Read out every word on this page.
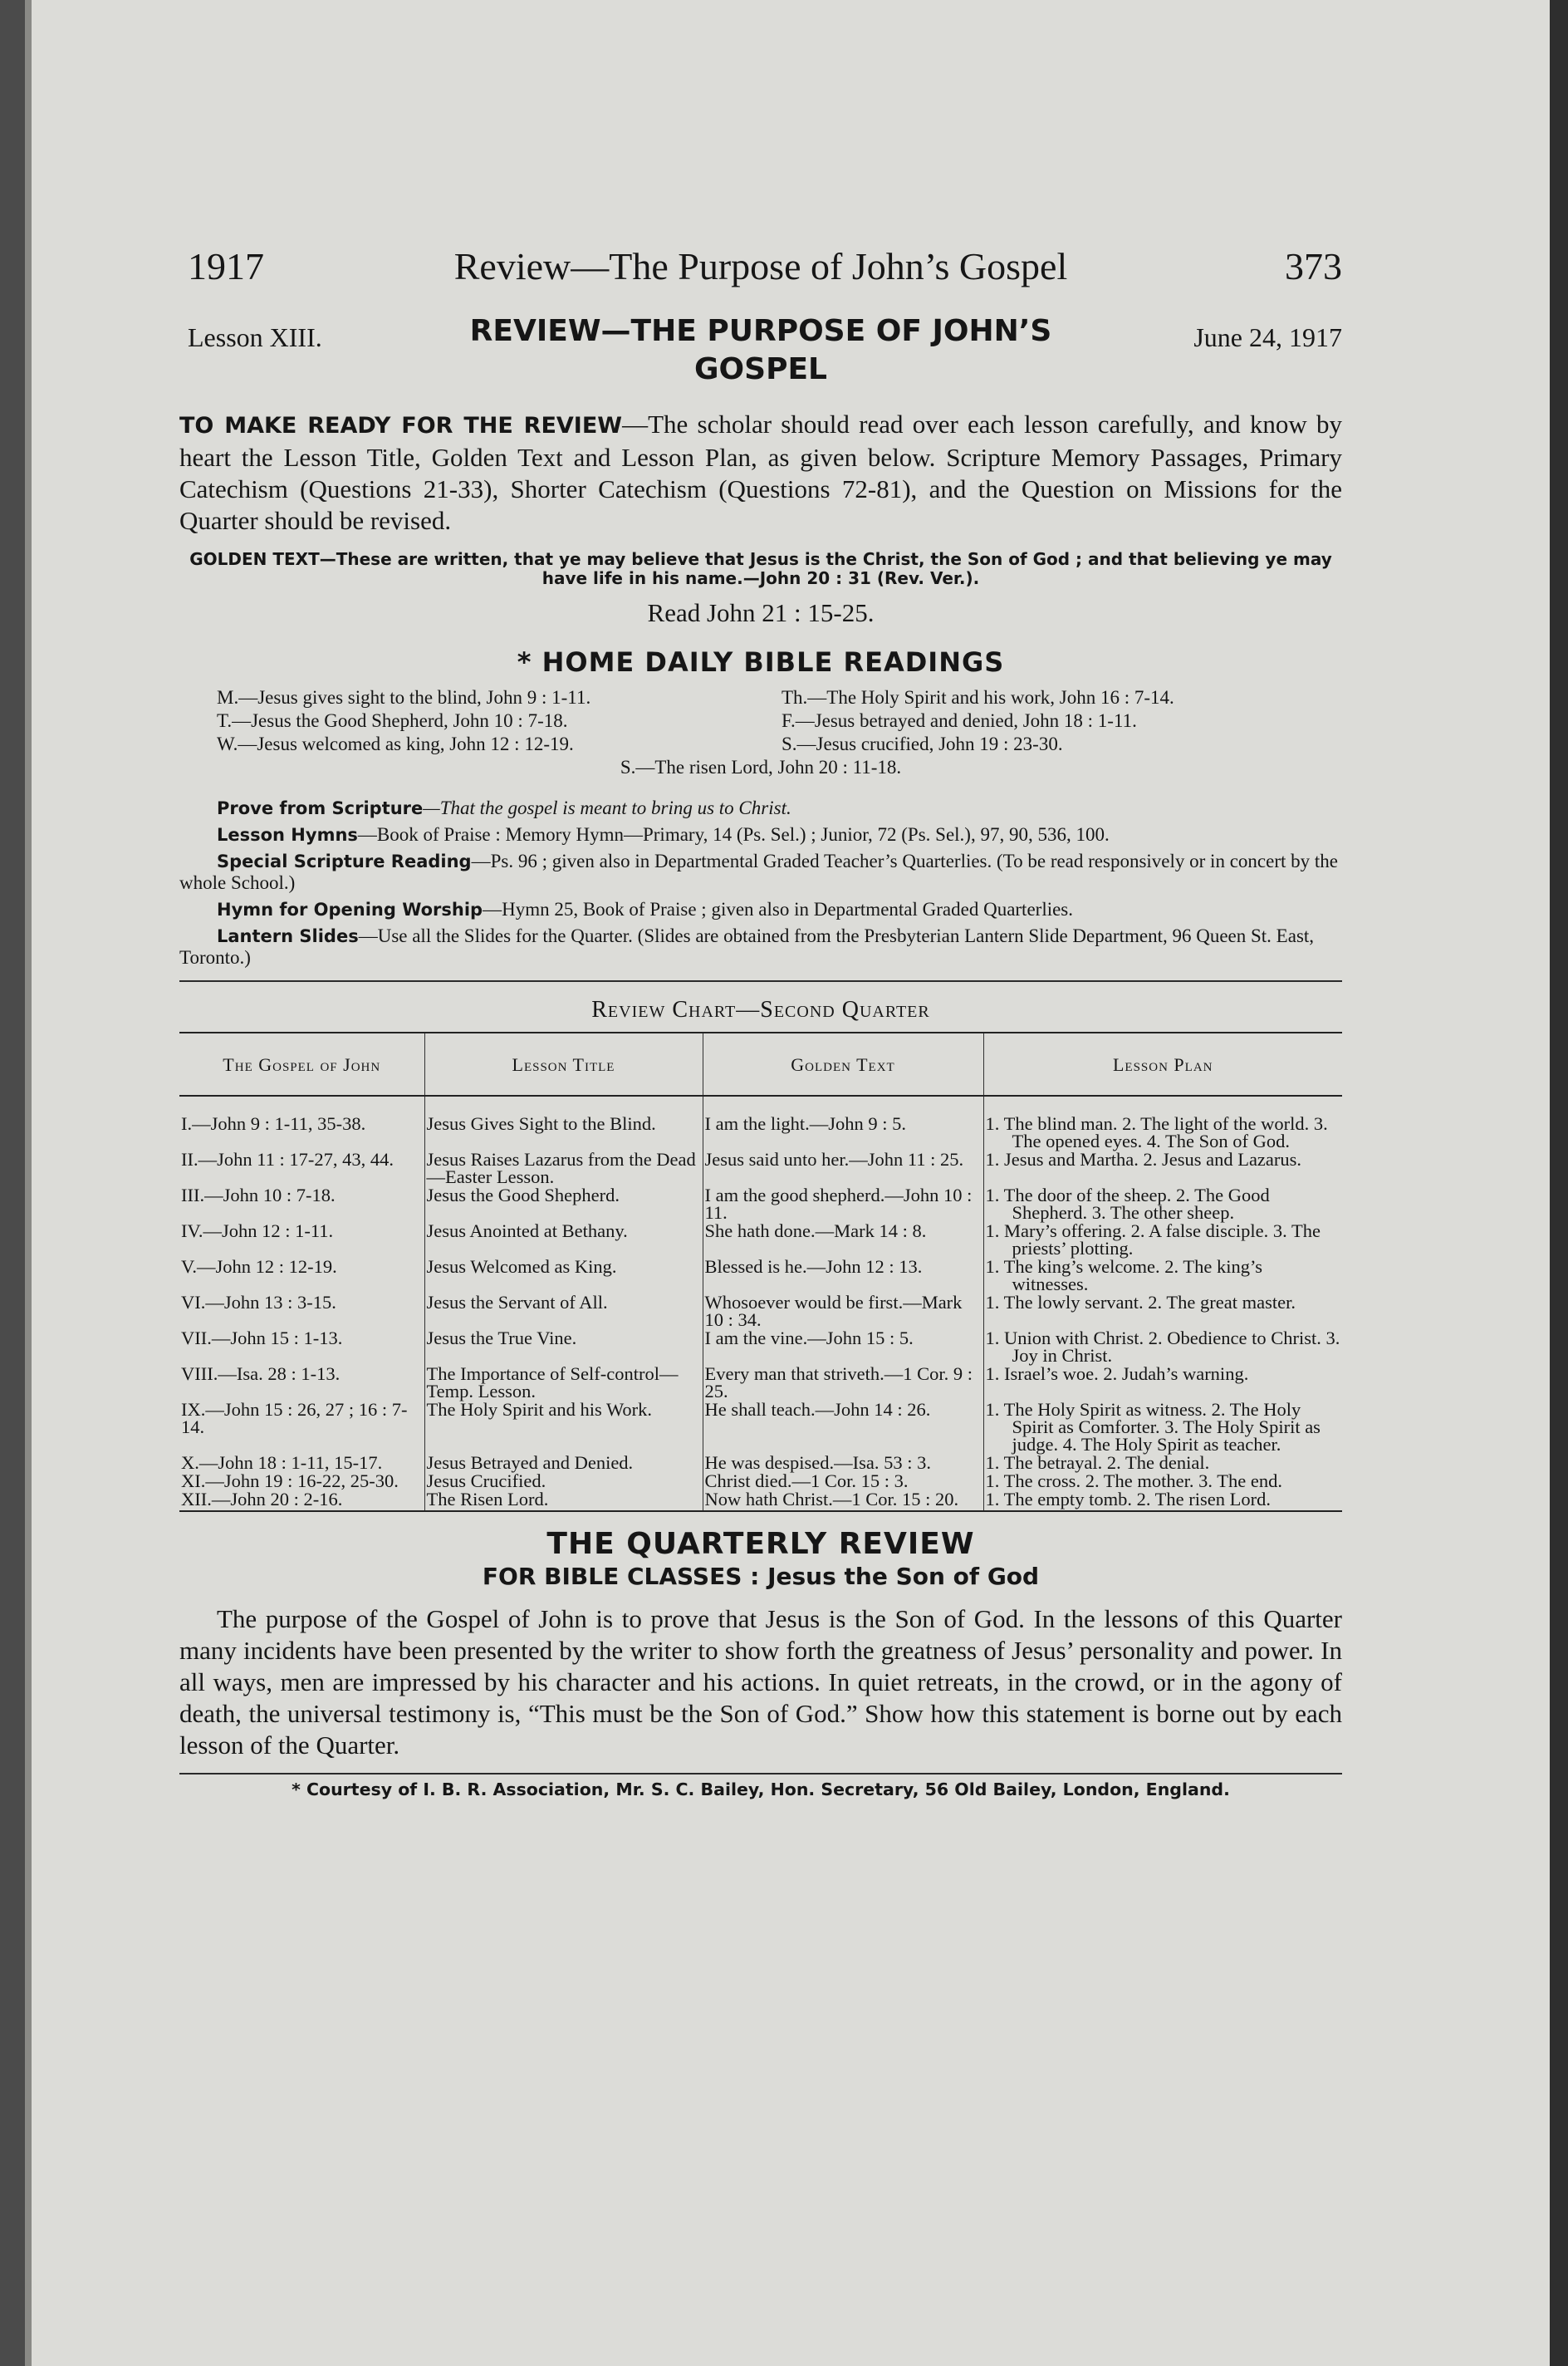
1917	Review—The Purpose of John’s Gospel	373
Lesson XIII.	REVIEW—THE PURPOSE OF JOHN’S
GOSPEL
June 24, 1917
TO MAKE READY FOR THE REVIEW—The scholar should read over each lesson carefully, and know by heart the Lesson Title, Golden Text and Lesson Plan, as given below. Scripture Memory Passages, Primary Catechism (Questions 21-33), Shorter Catechism (Questions 72-81), and the Question on Missions for the Quarter should be revised.
GOLDEN TEXT—These are written, that ye may believe that Jesus is the Christ, the Son of God ; and that believing ye may have life in his name.—John 20 : 31 (Rev. Ver.).
Read John 21 : 15-25.
* HOME DAILY BIBLE READINGS
M.—Jesus gives sight to the blind, John 9 : 1-11.
T.—Jesus the Good Shepherd, John 10 : 7-18.
W.—Jesus welcomed as king, John 12 : 12-19.
Th.—The Holy Spirit and his work, John 16 : 7-14.
F.—Jesus betrayed and denied, John 18 : 1-11.
S.—Jesus crucified, John 19 : 23-30.
S.—The risen Lord, John 20 : 11-18.

Prove from Scripture—That the gospel is meant to bring us to Christ.

Lesson Hymns—Book of Praise : Memory Hymn—Primary, 14 (Ps. Sel.) ; Junior, 72 (Ps. Sel.), 97, 90, 536, 100.

Special Scripture Reading—Ps. 96 ; given also in Departmental Graded Teacher’s Quarterlies. (To be read responsively or in concert by the whole School.)

Hymn for Opening Worship—Hymn 25, Book of Praise ; given also in Departmental Graded Quarterlies.

Lantern Slides—Use all the Slides for the Quarter. (Slides are obtained from the Presbyterian Lantern Slide Department, 96 Queen St. East, Toronto.)

Review Chart—Second Quarter
The Gospel of John	Lesson Title	Golden Text	Lesson Plan
I.—John 9 : 1-11, 35-38.	Jesus Gives Sight to the Blind.	I am the light.—John 9 : 5.	1. The blind man. 2. The light of the world. 3. The opened eyes. 4. The Son of God.
II.—John 11 : 17-27, 43, 44.	Jesus Raises Lazarus from the Dead—Easter Lesson.	Jesus said unto her.—John 11 : 25.	1. Jesus and Martha. 2. Jesus and Lazarus.
III.—John 10 : 7-18.	Jesus the Good Shepherd.	I am the good shepherd.—John 10 : 11.	1. The door of the sheep. 2. The Good Shepherd. 3. The other sheep.
IV.—John 12 : 1-11.	Jesus Anointed at Bethany.	She hath done.—Mark 14 : 8.	1. Mary’s offering. 2. A false disciple. 3. The priests’ plotting.
V.—John 12 : 12-19.	Jesus Welcomed as King.	Blessed is he.—John 12 : 13.	1. The king’s welcome. 2. The king’s witnesses.
VI.—John 13 : 3-15.	Jesus the Servant of All.	Whosoever would be first.—Mark 10 : 34.	1. The lowly servant. 2. The great master.
VII.—John 15 : 1-13.	Jesus the True Vine.	I am the vine.—John 15 : 5.	1. Union with Christ. 2. Obedience to Christ. 3. Joy in Christ.
VIII.—Isa. 28 : 1-13.	The Importance of Self-control—Temp. Lesson.	Every man that striveth.—1 Cor. 9 : 25.	1. Israel’s woe. 2. Judah’s warning.
IX.—John 15 : 26, 27 ; 16 : 7-14.	The Holy Spirit and his Work.	He shall teach.—John 14 : 26.	1. The Holy Spirit as witness. 2. The Holy Spirit as Comforter. 3. The Holy Spirit as judge. 4. The Holy Spirit as teacher.
X.—John 18 : 1-11, 15-17.	Jesus Betrayed and Denied.	He was despised.—Isa. 53 : 3.	1. The betrayal. 2. The denial.
XI.—John 19 : 16-22, 25-30.	Jesus Crucified.	Christ died.—1 Cor. 15 : 3.	1. The cross. 2. The mother. 3. The end.
XII.—John 20 : 2-16.	The Risen Lord.	Now hath Christ.—1 Cor. 15 : 20.	1. The empty tomb. 2. The risen Lord.
THE QUARTERLY REVIEW
FOR BIBLE CLASSES : Jesus the Son of God
The purpose of the Gospel of John is to prove that Jesus is the Son of God. In the lessons of this Quarter many incidents have been presented by the writer to show forth the greatness of Jesus’ personality and power. In all ways, men are impressed by his character and his actions. In quiet retreats, in the crowd, or in the agony of death, the universal testimony is, “This must be the Son of God.” Show how this statement is borne out by each lesson of the Quarter.
* Courtesy of I. B. R. Association, Mr. S. C. Bailey, Hon. Secretary, 56 Old Bailey, London, England.
